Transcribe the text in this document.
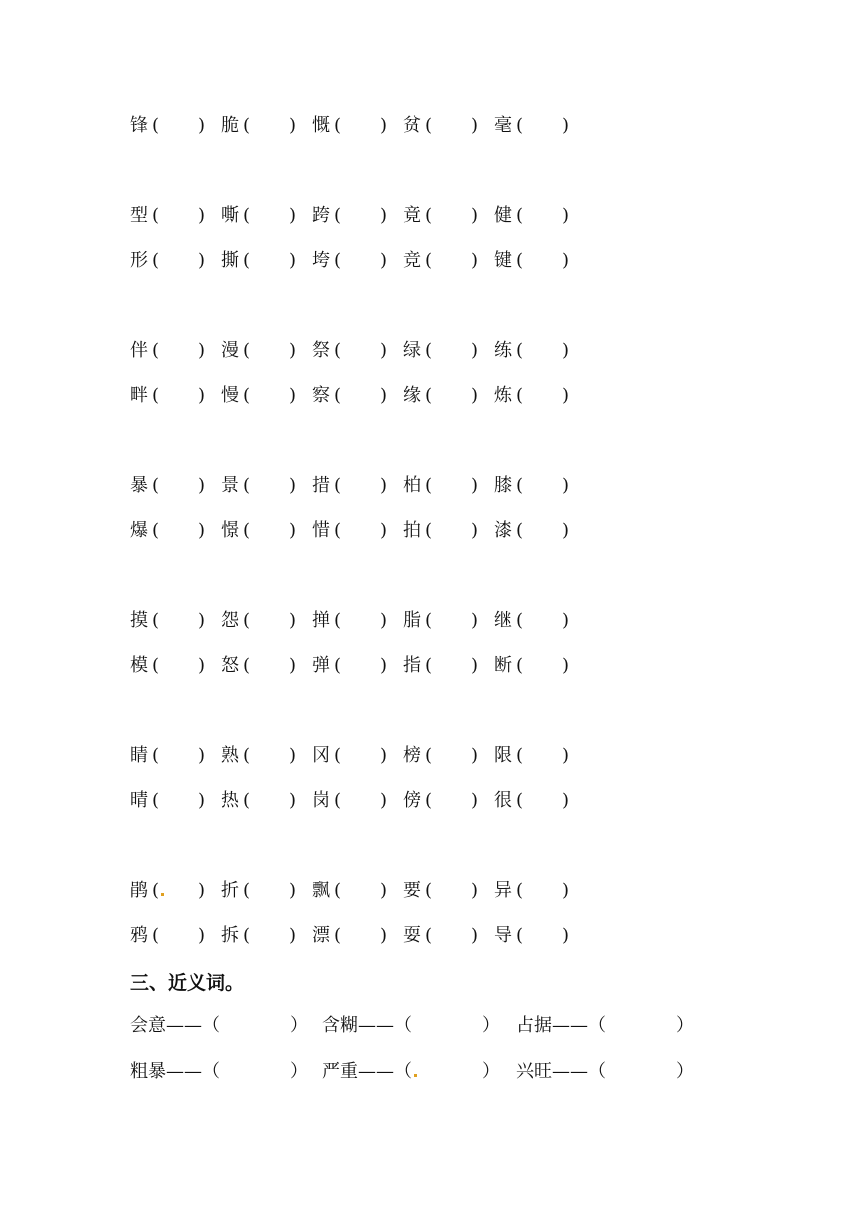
锋 ( ) 脆 ( ) 慨 ( ) 贫 ( ) 毫 ( )
型 ( ) 嘶 ( ) 跨 ( ) 竟 ( ) 健 ( )
形 ( ) 撕 ( ) 垮 ( ) 竞 ( ) 键 ( )
伴 ( ) 漫 ( ) 祭 ( ) 绿 ( ) 练 ( )
畔 ( ) 慢 ( ) 察 ( ) 缘 ( ) 炼 ( )
暴 ( ) 景 ( ) 措 ( ) 柏 ( ) 膝 ( )
爆 ( ) 憬 ( ) 惜 ( ) 拍 ( ) 漆 ( )
摸 ( ) 怨 ( ) 掸 ( ) 脂 ( ) 继 ( )
模 ( ) 怒 ( ) 弹 ( ) 指 ( ) 断 ( )
睛 ( ) 熟 ( ) 冈 ( ) 榜 ( ) 限 ( )
晴 ( ) 热 ( ) 岗 ( ) 傍 ( ) 很 ( )
鹃 ( ) 折 ( ) 飘 ( ) 要 ( ) 异 ( )
鸦 ( ) 拆 ( ) 漂 ( ) 耍 ( ) 导 ( )
三、近义词。
会意——（	） 含糊——（	） 占据——（	）
粗暴——（	） 严重——（	） 兴旺——（	）
